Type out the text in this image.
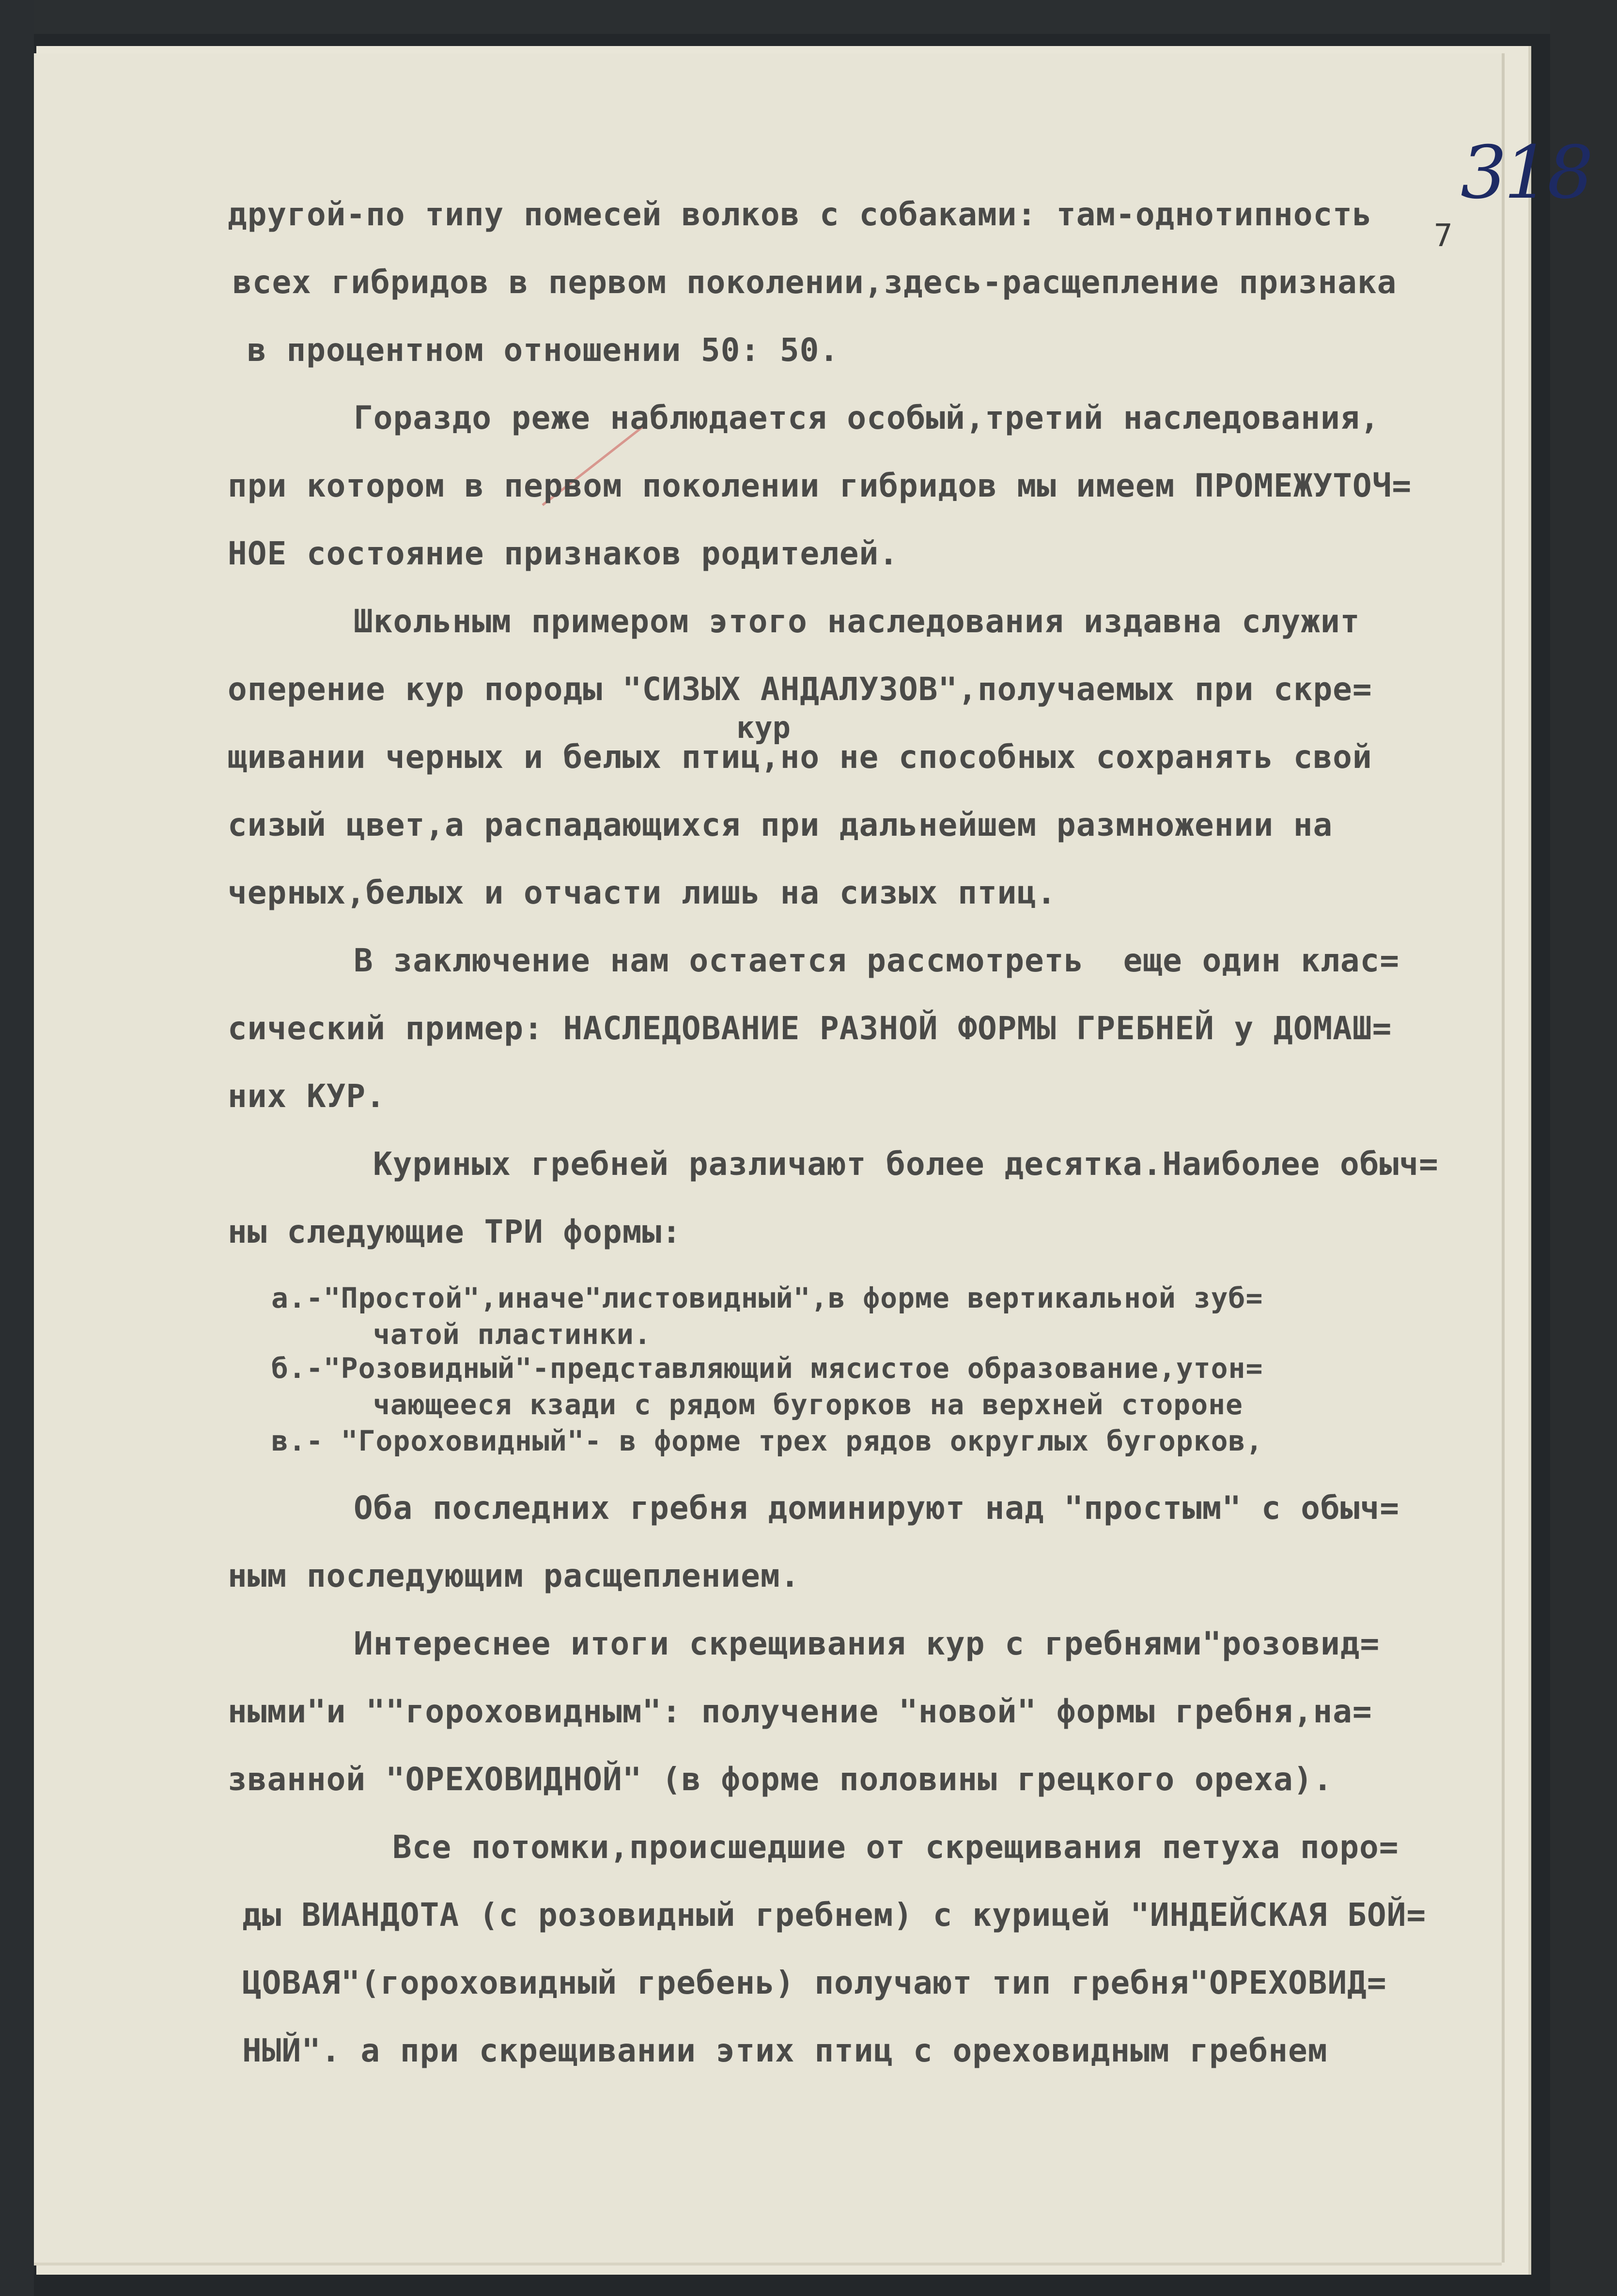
318
7

другой-по типу помесей волков с собаками: там-однотипность

всех гибридов в первом поколении,здесь-расщепление признака

в процентном отношении 50: 50.

Гораздо реже наблюдается особый,третий наследования,

при котором в первом поколении гибридов мы имеем ПРОМЕЖУТОЧ=

НОЕ состояние признаков родителей.

Школьным примером этого наследования издавна служит

оперение кур породы "СИЗЫХ АНДАЛУЗОВ",получаемых при скре=

кур

щивании черных и белых птиц,но не способных сохранять свой

сизый цвет,а распадающихся при дальнейшем размножении на

черных,белых и отчасти лишь на сизых птиц.

В заключение нам остается рассмотреть  еще один клас=

сический пример: НАСЛЕДОВАНИЕ РАЗНОЙ ФОРМЫ ГРЕБНЕЙ у ДОМАШ=

них КУР.

Куриных гребней различают более десятка.Наиболее обыч=

ны следующие ТРИ формы:

а.-"Простой",иначе"листовидный",в форме вертикальной зуб=

чатой пластинки.

б.-"Розовидный"-представляющий мясистое образование,утон=

чающееся кзади с рядом бугорков на верхней стороне

в.- "Гороховидный"- в форме трех рядов округлых бугорков,

Оба последних гребня доминируют над "простым" с обыч=

ным последующим расщеплением.

Интереснее итоги скрещивания кур с гребнями"розовид=

ными"и ""гороховидным": получение "новой" формы гребня,на=

званной "ОРЕХОВИДНОЙ" (в форме половины грецкого ореха).

Все потомки,происшедшие от скрещивания петуха поро=

ды ВИАНДОТА (с розовидный гребнем) с курицей "ИНДЕЙСКАЯ БОЙ=

ЦОВАЯ"(гороховидный гребень) получают тип гребня"ОРЕХОВИД=

НЫЙ". а при скрещивании этих птиц с ореховидным гребнем
